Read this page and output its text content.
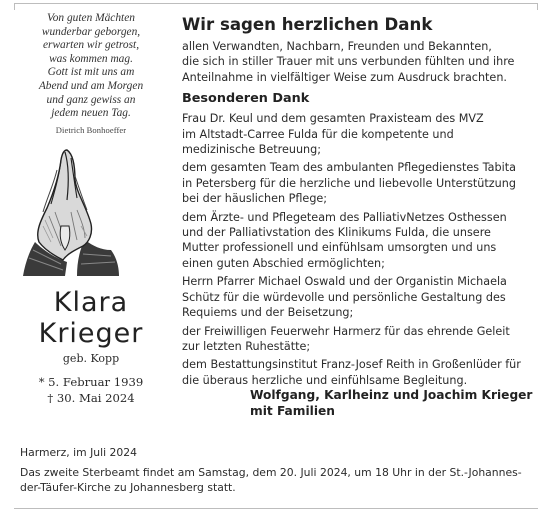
Von guten Mächten
wunderbar geborgen,
erwarten wir getrost,
was kommen mag.
Gott ist mit uns am
Abend und am Morgen
und ganz gewiss an
jedem neuen Tag.
Dietrich Bonhoeffer
Klara
Krieger
geb. Kopp
* 5. Februar 1939
† 30. Mai 2024
Wir sagen herzlichen Dank
allen Verwandten, Nachbarn, Freunden und Bekannten,
die sich in stiller Trauer mit uns verbunden fühlten und ihre
Anteilnahme in vielfältiger Weise zum Ausdruck brachten.
Besonderen Dank
Frau Dr. Keul und dem gesamten Praxisteam des MVZ
im Altstadt-Carree Fulda für die kompetente und
medizinische Betreuung;
dem gesamten Team des ambulanten Pflegedienstes Tabita
in Petersberg für die herzliche und liebevolle Unterstützung
bei der häuslichen Pflege;
dem Ärzte- und Pflegeteam des PalliativNetzes Osthessen
und der Palliativstation des Klinikums Fulda, die unsere
Mutter professionell und einfühlsam umsorgten und uns
einen guten Abschied ermöglichten;
Herrn Pfarrer Michael Oswald und der Organistin Michaela
Schütz für die würdevolle und persönliche Gestaltung des
Requiems und der Beisetzung;
der Freiwilligen Feuerwehr Harmerz für das ehrende Geleit
zur letzten Ruhestätte;
dem Bestattungsinstitut Franz-Josef Reith in Großenlüder für
die überaus herzliche und einfühlsame Begleitung.
Wolfgang, Karlheinz und Joachim Krieger
mit Familien
Harmerz, im Juli 2024
Das zweite Sterbeamt findet am Samstag, dem 20. Juli 2024, um 18 Uhr in der St.-Johannes-
der-Täufer-Kirche zu Johannesberg statt.
